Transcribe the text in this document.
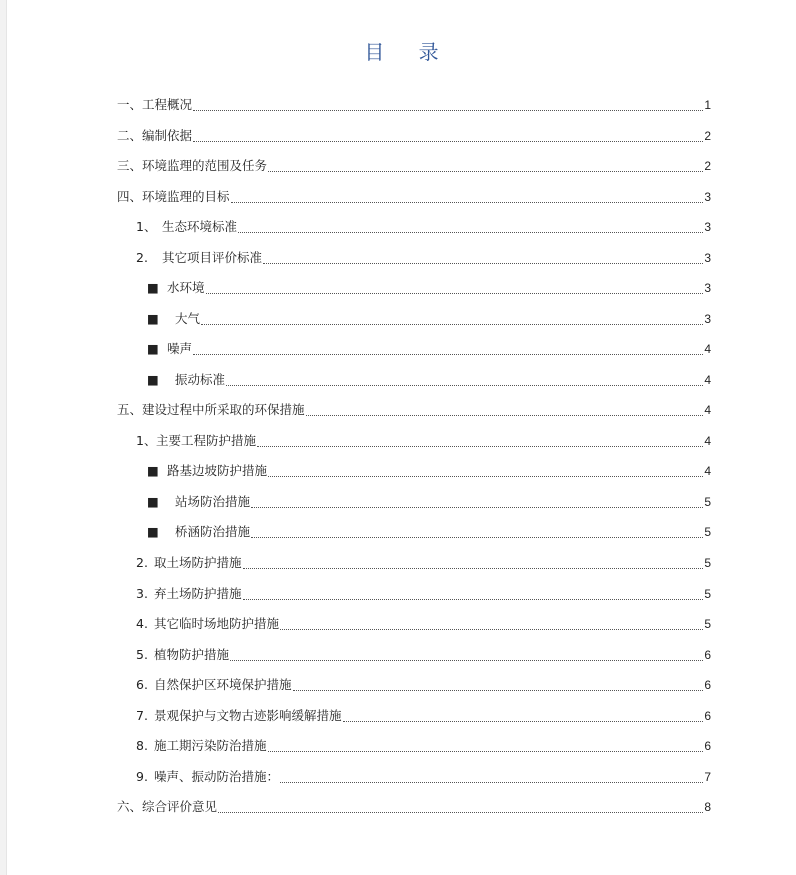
目 录
一、工程概况	1
二、编制依据	2
三、环境监理的范围及任务	2
四、环境监理的目标	3
1、 生态环境标准	3
2.	其它项目评价标准	3
■ 水环境	3
■	大气	3
■ 噪声	4
■	振动标准	4
五、建设过程中所采取的环保措施	4
1、 主要工程防护措施	4
■ 路基边坡防护措施	4
■	站场防治措施	5
■	桥涵防治措施	5
2. 取土场防护措施	5
3. 弃土场防护措施	5
4. 其它临时场地防护措施	5
5. 植物防护措施	6
6. 自然保护区环境保护措施	6
7. 景观保护与文物古迹影响缓解措施	6
8. 施工期污染防治措施	6
9. 噪声、振动防治措施：	7
六、综合评价意见	8
